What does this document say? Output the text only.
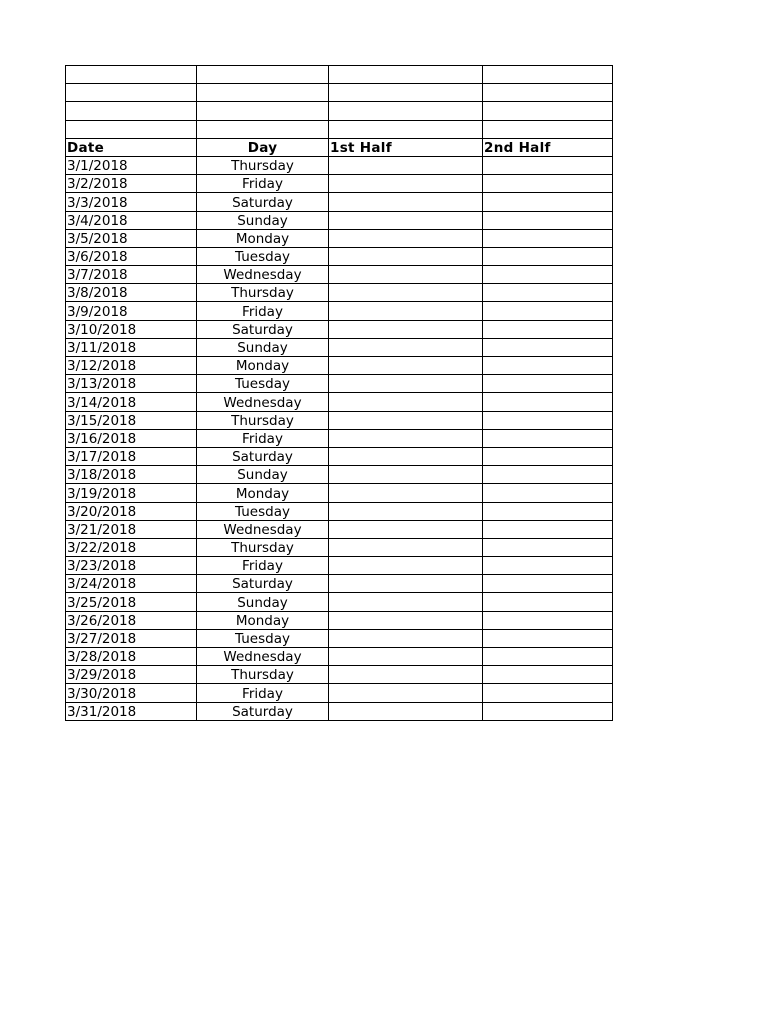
Date	Day	1st Half	2nd Half
3/1/2018	Thursday		
3/2/2018	Friday		
3/3/2018	Saturday		
3/4/2018	Sunday		
3/5/2018	Monday		
3/6/2018	Tuesday		
3/7/2018	Wednesday		
3/8/2018	Thursday		
3/9/2018	Friday		
3/10/2018	Saturday		
3/11/2018	Sunday		
3/12/2018	Monday		
3/13/2018	Tuesday		
3/14/2018	Wednesday		
3/15/2018	Thursday		
3/16/2018	Friday		
3/17/2018	Saturday		
3/18/2018	Sunday		
3/19/2018	Monday		
3/20/2018	Tuesday		
3/21/2018	Wednesday		
3/22/2018	Thursday		
3/23/2018	Friday		
3/24/2018	Saturday		
3/25/2018	Sunday		
3/26/2018	Monday		
3/27/2018	Tuesday		
3/28/2018	Wednesday		
3/29/2018	Thursday		
3/30/2018	Friday		
3/31/2018	Saturday		
